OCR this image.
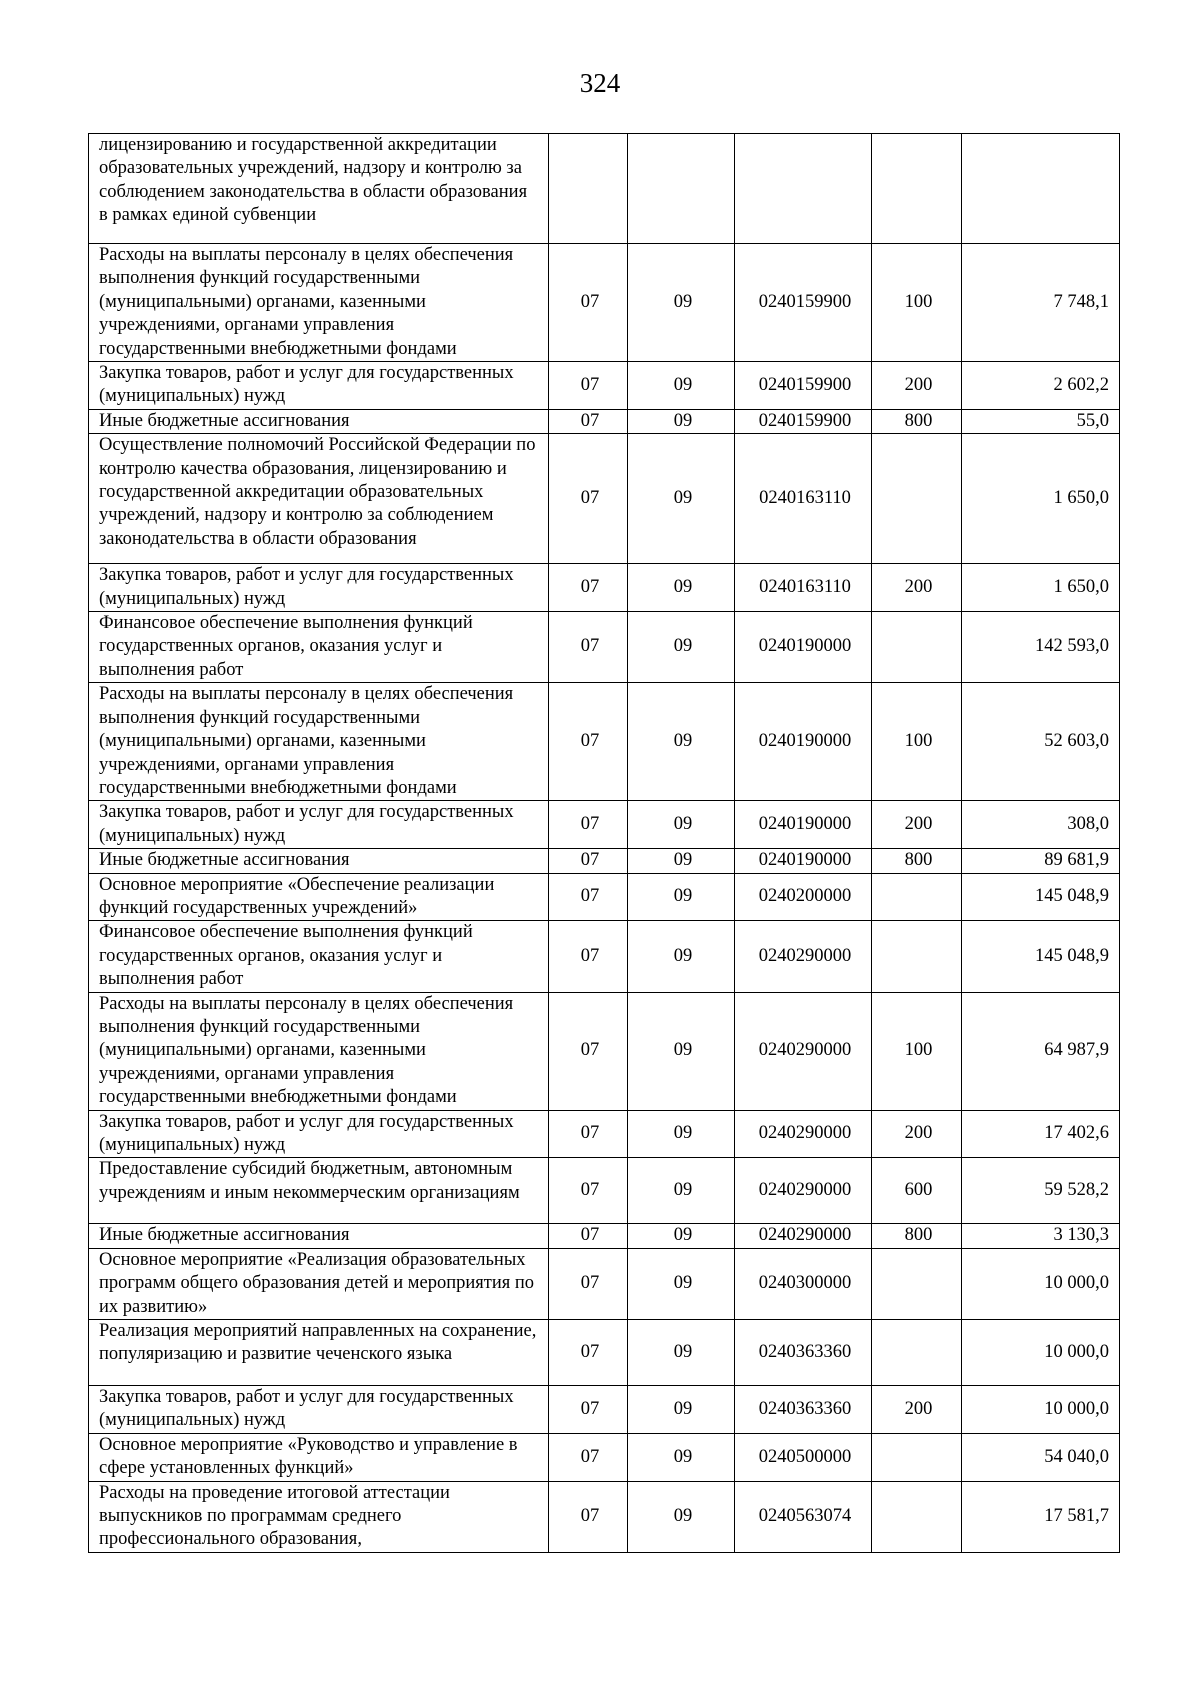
324
лицензированию и государственной аккредитации образовательных учреждений, надзору и контролю за соблюдением законодательства в области образования в рамках единой субвенции					
Расходы на выплаты персоналу в целях обеспечения выполнения функций государственными (муниципальными) органами, казенными учреждениями, органами управления государственными внебюджетными фондами	07	09	0240159900	100	7 748,1
Закупка товаров, работ и услуг для государственных (муниципальных) нужд	07	09	0240159900	200	2 602,2
Иные бюджетные ассигнования	07	09	0240159900	800	55,0
Осуществление полномочий Российской Федерации по контролю качества образования, лицензированию и государственной аккредитации образовательных учреждений, надзору и контролю за соблюдением законодательства в области образования	07	09	0240163110		1 650,0
Закупка товаров, работ и услуг для государственных (муниципальных) нужд	07	09	0240163110	200	1 650,0
Финансовое обеспечение выполнения функций государственных органов, оказания услуг и выполнения работ	07	09	0240190000		142 593,0
Расходы на выплаты персоналу в целях обеспечения выполнения функций государственными (муниципальными) органами, казенными учреждениями, органами управления государственными внебюджетными фондами	07	09	0240190000	100	52 603,0
Закупка товаров, работ и услуг для государственных (муниципальных) нужд	07	09	0240190000	200	308,0
Иные бюджетные ассигнования	07	09	0240190000	800	89 681,9
Основное мероприятие «Обеспечение реализации функций государственных учреждений»	07	09	0240200000		145 048,9
Финансовое обеспечение выполнения функций государственных органов, оказания услуг и выполнения работ	07	09	0240290000		145 048,9
Расходы на выплаты персоналу в целях обеспечения выполнения функций государственными (муниципальными) органами, казенными учреждениями, органами управления государственными внебюджетными фондами	07	09	0240290000	100	64 987,9
Закупка товаров, работ и услуг для государственных (муниципальных) нужд	07	09	0240290000	200	17 402,6
Предоставление субсидий бюджетным, автономным учреждениям и иным некоммерческим организациям	07	09	0240290000	600	59 528,2
Иные бюджетные ассигнования	07	09	0240290000	800	3 130,3
Основное мероприятие «Реализация образовательных программ общего образования детей и мероприятия по их развитию»	07	09	0240300000		10 000,0
Реализация мероприятий направленных на сохранение, популяризацию и развитие чеченского языка	07	09	0240363360		10 000,0
Закупка товаров, работ и услуг для государственных (муниципальных) нужд	07	09	0240363360	200	10 000,0
Основное мероприятие «Руководство и управление в сфере установленных функций»	07	09	0240500000		54 040,0
Расходы на проведение итоговой аттестации выпускников по программам среднего профессионального образования,	07	09	0240563074		17 581,7
